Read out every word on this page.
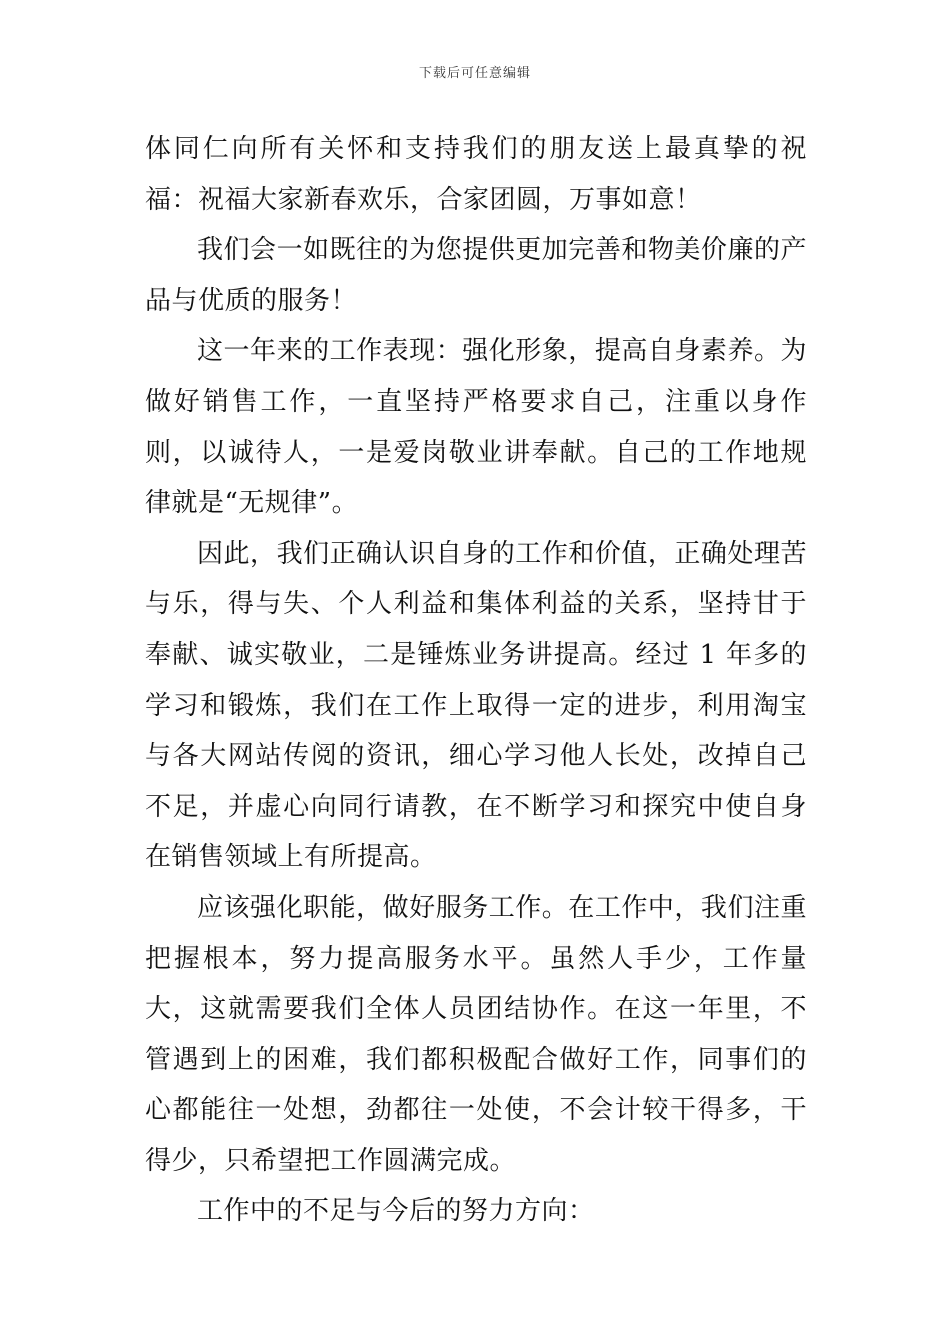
下载后可任意编辑

体同仁向所有关怀和支持我们的朋友送上最真挚的祝福：祝福大家新春欢乐，合家团圆，万事如意！

我们会一如既往的为您提供更加完善和物美价廉的产品与优质的服务！

这一年来的工作表现：强化形象，提高自身素养。为做好销售工作，一直坚持严格要求自己，注重以身作则，以诚待人，一是爱岗敬业讲奉献。自己的工作地规律就是“无规律”。

因此，我们正确认识自身的工作和价值，正确处理苦与乐，得与失、个人利益和集体利益的关系，坚持甘于奉献、诚实敬业，二是锤炼业务讲提高。经过 1 年多的学习和锻炼，我们在工作上取得一定的进步，利用淘宝与各大网站传阅的资讯，细心学习他人长处，改掉自己不足，并虚心向同行请教，在不断学习和探究中使自身在销售领域上有所提高。

应该强化职能，做好服务工作。在工作中，我们注重把握根本，努力提高服务水平。虽然人手少，工作量大，这就需要我们全体人员团结协作。在这一年里，不管遇到上的困难，我们都积极配合做好工作，同事们的心都能往一处想，劲都往一处使，不会计较干得多，干得少，只希望把工作圆满完成。

工作中的不足与今后的努力方向：
